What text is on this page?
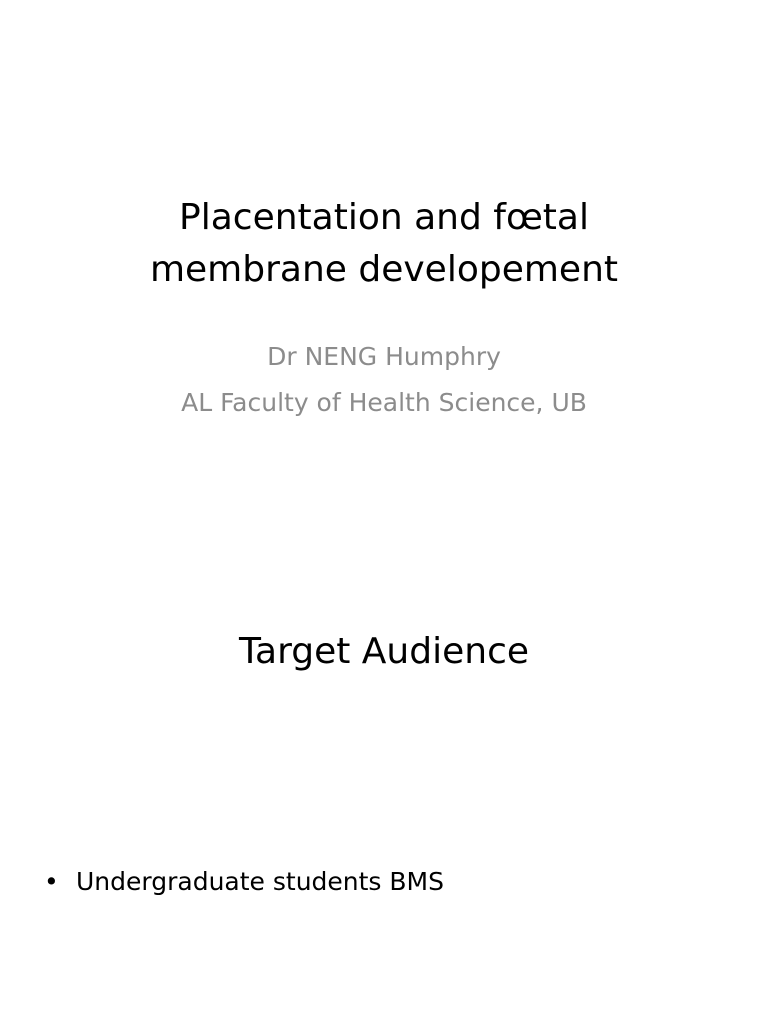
Placentation and fœtal
membrane developement
Dr NENG Humphry
AL Faculty of Health Science, UB
Target Audience
• Undergraduate students BMS
